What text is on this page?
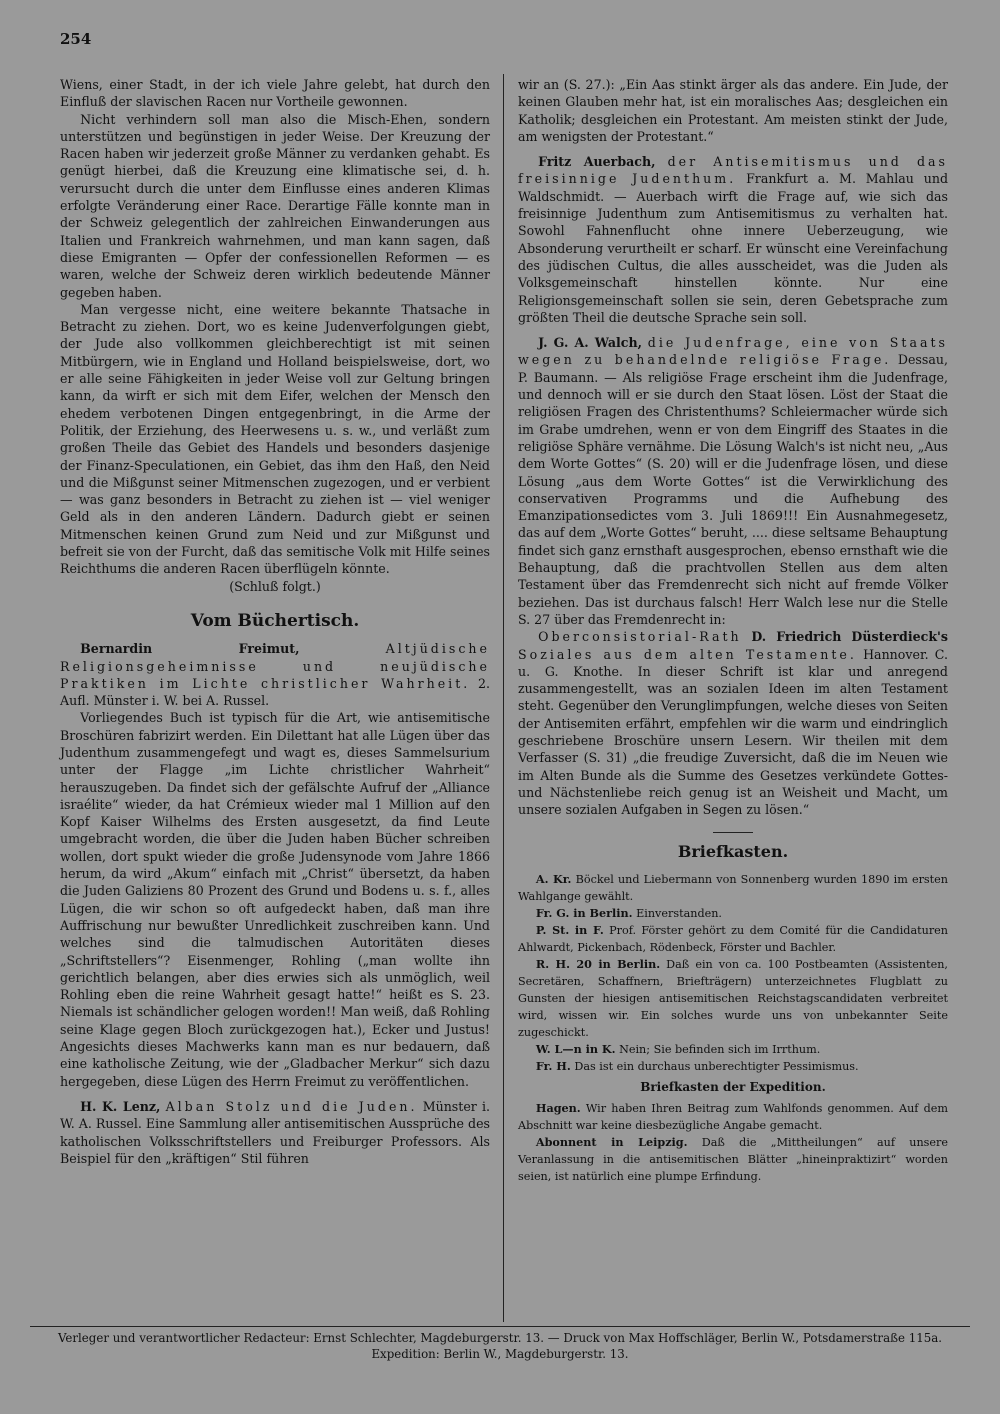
254

Wiens, einer Stadt, in der ich viele Jahre gelebt, hat durch den Einfluß der slavischen Racen nur Vortheile gewonnen.

Nicht verhindern soll man also die Misch-Ehen, sondern unterstützen und begünstigen in jeder Weise. Der Kreuzung der Racen haben wir jederzeit große Männer zu verdanken gehabt. Es genügt hierbei, daß die Kreuzung eine klimatische sei, d. h. verursucht durch die unter dem Einflusse eines anderen Klimas erfolgte Veränderung einer Race. Derartige Fälle konnte man in der Schweiz gelegentlich der zahlreichen Einwanderungen aus Italien und Frankreich wahrnehmen, und man kann sagen, daß diese Emigranten — Opfer der confessionellen Reformen — es waren, welche der Schweiz deren wirklich bedeutende Männer gegeben haben.

Man vergesse nicht, eine weitere bekannte Thatsache in Betracht zu ziehen. Dort, wo es keine Judenverfolgungen giebt, der Jude also vollkommen gleichberechtigt ist mit seinen Mitbürgern, wie in England und Holland beispielsweise, dort, wo er alle seine Fähigkeiten in jeder Weise voll zur Geltung bringen kann, da wirft er sich mit dem Eifer, welchen der Mensch den ehedem verbotenen Dingen entgegenbringt, in die Arme der Politik, der Erziehung, des Heerwesens u. s. w., und verläßt zum großen Theile das Gebiet des Handels und besonders dasjenige der Finanz-Speculationen, ein Gebiet, das ihm den Haß, den Neid und die Mißgunst seiner Mitmenschen zugezogen, und er verbient — was ganz besonders in Betracht zu ziehen ist — viel weniger Geld als in den anderen Ländern. Dadurch giebt er seinen Mitmenschen keinen Grund zum Neid und zur Mißgunst und befreit sie von der Furcht, daß das semitische Volk mit Hilfe seines Reichthums die anderen Racen überflügeln könnte.

(Schluß folgt.)

Vom Büchertisch.

Bernardin Freimut,	Altjüdische Religionsgeheimnisse und neujüdische Praktiken im Lichte christlicher Wahrheit. 2. Aufl. Münster i. W. bei A. Russel.

Vorliegendes Buch ist typisch für die Art, wie antisemitische Broschüren fabrizirt werden. Ein Dilettant hat alle Lügen über das Judenthum zusammengefegt und wagt es, dieses Sammelsurium unter der Flagge „im Lichte christlicher Wahrheit“ herauszugeben. Da findet sich der gefälschte Aufruf der „Alliance israélite“ wieder, da hat Crémieux wieder mal 1 Million auf den Kopf Kaiser Wilhelms des Ersten ausgesetzt, da find Leute umgebracht worden, die über die Juden haben Bücher schreiben wollen, dort spukt wieder die große Judensynode vom Jahre 1866 herum, da wird „Akum“ einfach mit „Christ“ übersetzt, da haben die Juden Galiziens 80 Prozent des Grund und Bodens u. s. f., alles Lügen, die wir schon so oft aufgedeckt haben, daß man ihre Auffrischung nur bewußter Unredlichkeit zuschreiben kann. Und welches sind die talmudischen Autoritäten dieses „Schriftstellers“? Eisenmenger, Rohling („man wollte ihn gerichtlich belangen, aber dies erwies sich als unmöglich, weil Rohling eben die reine Wahrheit gesagt hatte!“ heißt es S. 23. Niemals ist schändlicher gelogen worden!! Man weiß, daß Rohling seine Klage gegen Bloch zurückgezogen hat.), Ecker und Justus! Angesichts dieses Machwerks kann man es nur bedauern, daß eine katholische Zeitung, wie der „Gladbacher Merkur“ sich dazu hergegeben, diese Lügen des Herrn Freimut zu veröffentlichen.

H. K. Lenz, Alban Stolz und die Juden. Münster i. W. A. Russel. Eine Sammlung aller antisemitischen Aussprüche des katholischen Volksschriftstellers und Freiburger Professors. Als Beispiel für den „kräftigen“ Stil führen

wir an (S. 27.): „Ein Aas stinkt ärger als das andere. Ein Jude, der keinen Glauben mehr hat, ist ein moralisches Aas; desgleichen ein Katholik; desgleichen ein Protestant. Am meisten stinkt der Jude, am wenigsten der Protestant.“

Fritz Auerbach, der Antisemitismus und das freisinnige Judenthum. Frankfurt a. M. Mahlau und Waldschmidt. — Auerbach wirft die Frage auf, wie sich das freisinnige Judenthum zum Antisemitismus zu verhalten hat. Sowohl Fahnenflucht ohne innere Ueberzeugung, wie Absonderung verurtheilt er scharf. Er wünscht eine Vereinfachung des jüdischen Cultus, die alles ausscheidet, was die Juden als Volksgemeinschaft hinstellen könnte. Nur eine Religionsgemeinschaft sollen sie sein, deren Gebetsprache zum größten Theil die deutsche Sprache sein soll.

J. G. A. Walch, die Judenfrage, eine von Staats wegen zu behandelnde religiöse Frage. Dessau, P. Baumann. — Als religiöse Frage erscheint ihm die Judenfrage, und dennoch will er sie durch den Staat lösen. Löst der Staat die religiösen Fragen des Christenthums? Schleiermacher würde sich im Grabe umdrehen, wenn er von dem Eingriff des Staates in die religiöse Sphäre vernähme. Die Lösung Walch's ist nicht neu, „Aus dem Worte Gottes“ (S. 20) will er die Judenfrage lösen, und diese Lösung „aus dem Worte Gottes“ ist die Verwirklichung des conservativen Programms und die Aufhebung des Emanzipationsedictes vom 3. Juli 1869!!! Ein Ausnahmegesetz, das auf dem „Worte Gottes“ beruht, .... diese seltsame Behauptung findet sich ganz ernsthaft ausgesprochen, ebenso ernsthaft wie die Behauptung, daß die prachtvollen Stellen aus dem alten Testament über das Fremdenrecht sich nicht auf fremde Völker beziehen. Das ist durchaus falsch! Herr Walch lese nur die Stelle S. 27 über das Fremdenrecht in:

Oberconsistorial-Rath D. Friedrich Düsterdieck's Soziales aus dem alten Testamente. Hannover. C. u. G. Knothe. In dieser Schrift ist klar und anregend zusammengestellt, was an sozialen Ideen im alten Testament steht. Gegenüber den Verunglimpfungen, welche dieses von Seiten der Antisemiten erfährt, empfehlen wir die warm und eindringlich geschriebene Broschüre unsern Lesern. Wir theilen mit dem Verfasser (S. 31) „die freudige Zuversicht, daß die im Neuen wie im Alten Bunde als die Summe des Gesetzes verkündete Gottes- und Nächstenliebe reich genug ist an Weisheit und Macht, um unsere sozialen Aufgaben in Segen zu lösen.“

Briefkasten.

A. Kr. Böckel und Liebermann von Sonnenberg wurden 1890 im ersten Wahlgange gewählt.

Fr. G. in Berlin. Einverstanden.

P. St. in F. Prof. Förster gehört zu dem Comité für die Candidaturen Ahlwardt, Pickenbach, Rödenbeck, Förster und Bachler.

R. H. 20 in Berlin. Daß ein von ca. 100 Postbeamten (Assistenten, Secretären, Schaffnern, Briefträgern) unterzeichnetes Flugblatt zu Gunsten der hiesigen antisemitischen Reichstagscandidaten verbreitet wird, wissen wir. Ein solches wurde uns von unbekannter Seite zugeschickt.

W. L—n in K. Nein; Sie befinden sich im Irrthum.

Fr. H. Das ist ein durchaus unberechtigter Pessimismus.

Briefkasten der Expedition.

Hagen. Wir haben Ihren Beitrag zum Wahlfonds genommen. Auf dem Abschnitt war keine diesbezügliche Angabe gemacht.

Abonnent in Leipzig. Daß die „Mittheilungen“ auf unsere Veranlassung in die antisemitischen Blätter „hineinpraktizirt“ worden seien, ist natürlich eine plumpe Erfindung.

Verleger und verantwortlicher Redacteur: Ernst Schlechter, Magdeburgerstr. 13. — Druck von Max Hoffschläger, Berlin W., Potsdamerstraße 115a.
Expedition: Berlin W., Magdeburgerstr. 13.
